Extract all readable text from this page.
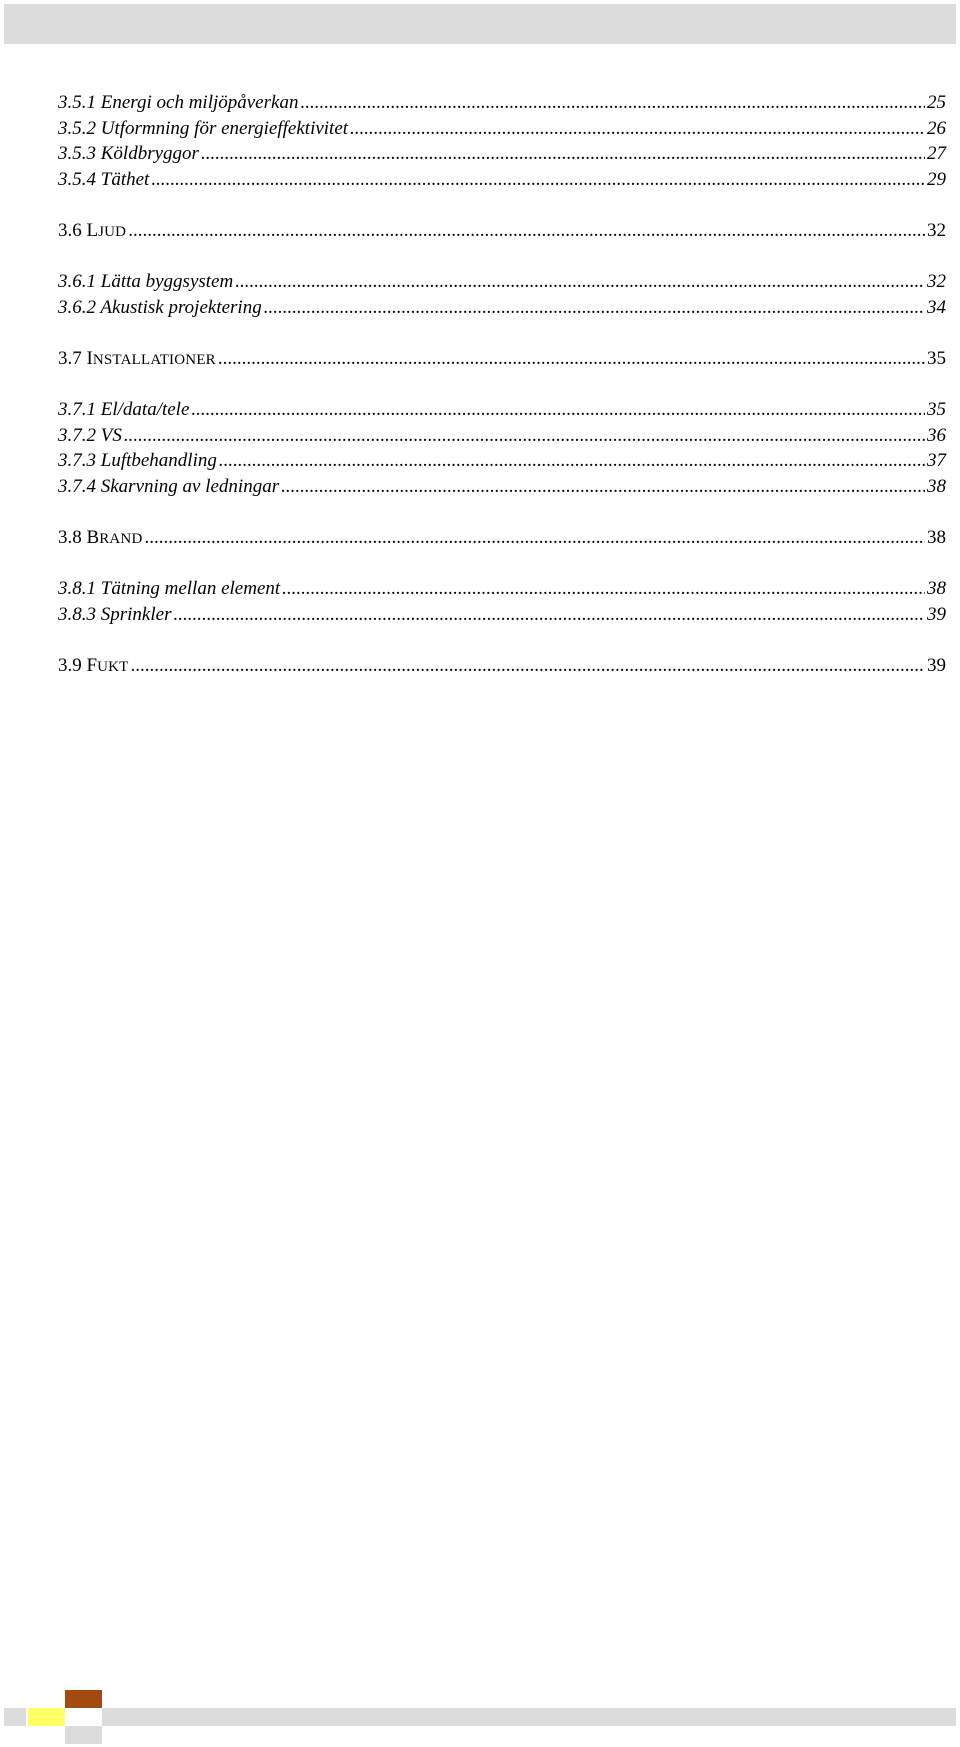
3.5.1 Energi och miljöpåverkan .....	25
3.5.2 Utformning för energieffektivitet .....	26
3.5.3 Köldbryggor .....	27
3.5.4 Täthet .....	29
3.6 LJUD .....	32
3.6.1 Lätta byggsystem .....	32
3.6.2 Akustisk projektering .....	34
3.7 INSTALLATIONER .....	35
3.7.1 El/data/tele .....	35
3.7.2 VS .....	36
3.7.3 Luftbehandling .....	37
3.7.4 Skarvning av ledningar .....	38
3.8 BRAND .....	38
3.8.1 Tätning mellan element .....	38
3.8.3 Sprinkler .....	39
3.9 FUKT .....	39
